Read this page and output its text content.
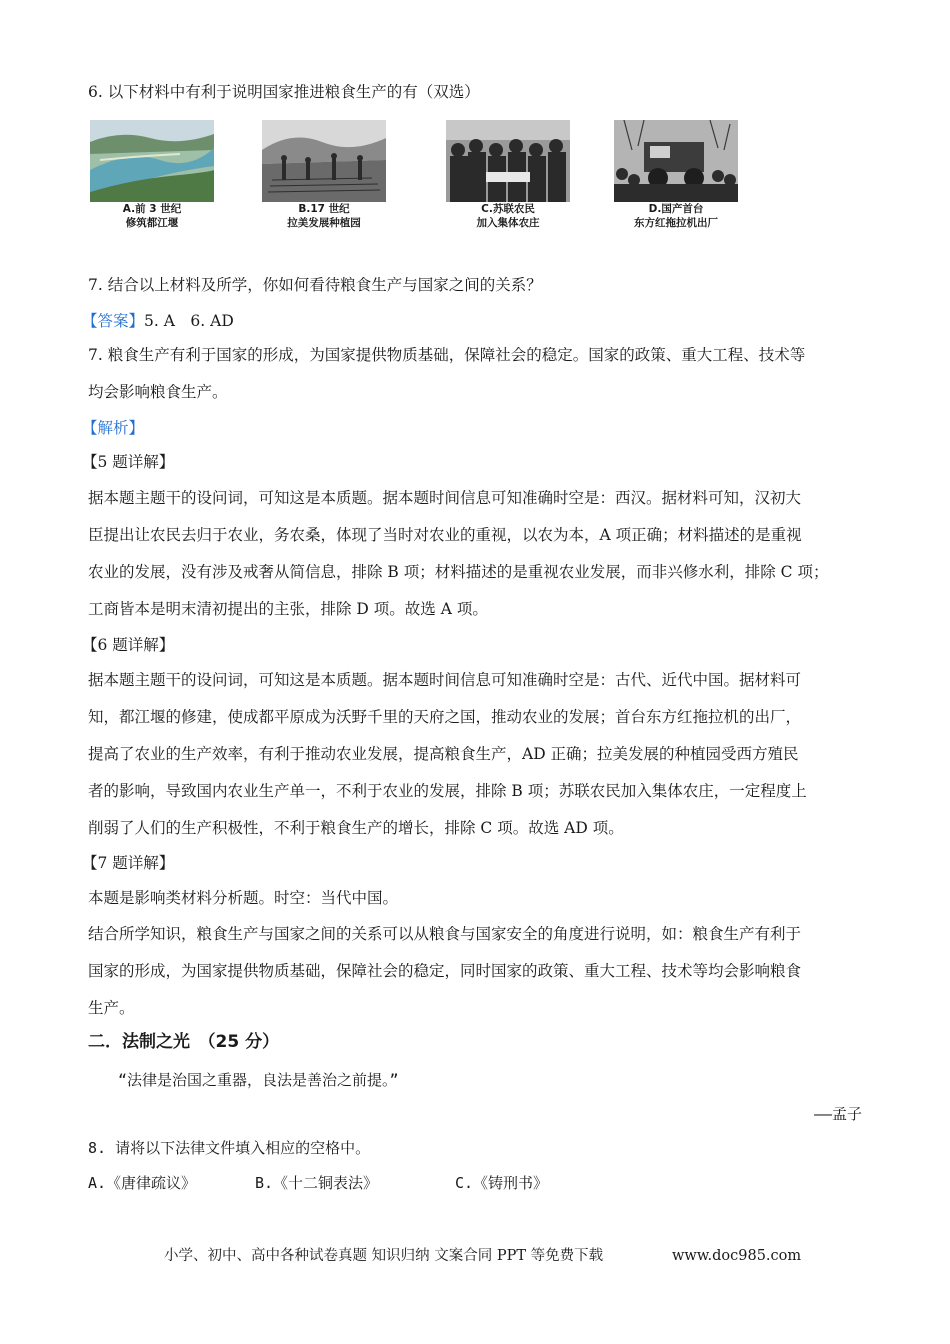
6. 以下材料中有利于说明国家推进粮食生产的有（双选）
A.前 3 世纪
修筑都江堰
B.17 世纪
拉美发展种植园
C.苏联农民
加入集体农庄
D.国产首台
东方红拖拉机出厂
7. 结合以上材料及所学，你如何看待粮食生产与国家之间的关系？
【答案】5. A　6. AD
7. 粮食生产有利于国家的形成，为国家提供物质基础，保障社会的稳定。国家的政策、重大工程、技术等
均会影响粮食生产。
【解析】
【5 题详解】
据本题主题干的设问词，可知这是本质题。据本题时间信息可知准确时空是：西汉。据材料可知，汉初大
臣提出让农民去归于农业，务农桑，体现了当时对农业的重视，以农为本，A 项正确；材料描述的是重视
农业的发展，没有涉及戒奢从简信息，排除 B 项；材料描述的是重视农业发展，而非兴修水利，排除 C 项；
工商皆本是明末清初提出的主张，排除 D 项。故选 A 项。
【6 题详解】
据本题主题干的设问词，可知这是本质题。据本题时间信息可知准确时空是：古代、近代中国。据材料可
知，都江堰的修建，使成都平原成为沃野千里的天府之国，推动农业的发展；首台东方红拖拉机的出厂，
提高了农业的生产效率，有利于推动农业发展，提高粮食生产，AD 正确；拉美发展的种植园受西方殖民
者的影响，导致国内农业生产单一，不利于农业的发展，排除 B 项；苏联农民加入集体农庄，一定程度上
削弱了人们的生产积极性，不利于粮食生产的增长，排除 C 项。故选 AD 项。
【7 题详解】
本题是影响类材料分析题。时空：当代中国。
结合所学知识，粮食生产与国家之间的关系可以从粮食与国家安全的角度进行说明，如：粮食生产有利于
国家的形成，为国家提供物质基础，保障社会的稳定，同时国家的政策、重大工程、技术等均会影响粮食
生产。
二．法制之光　（25 分）
“法律是治国之重器，良法是善治之前提。”
——孟子
8. 请将以下法律文件填入相应的空格中。
A.《唐律疏议》	B.《十二铜表法》	C.《铸刑书》
小学、初中、高中各种试卷真题 知识归纳 文案合同 PPT 等免费下载	www.doc985.com
